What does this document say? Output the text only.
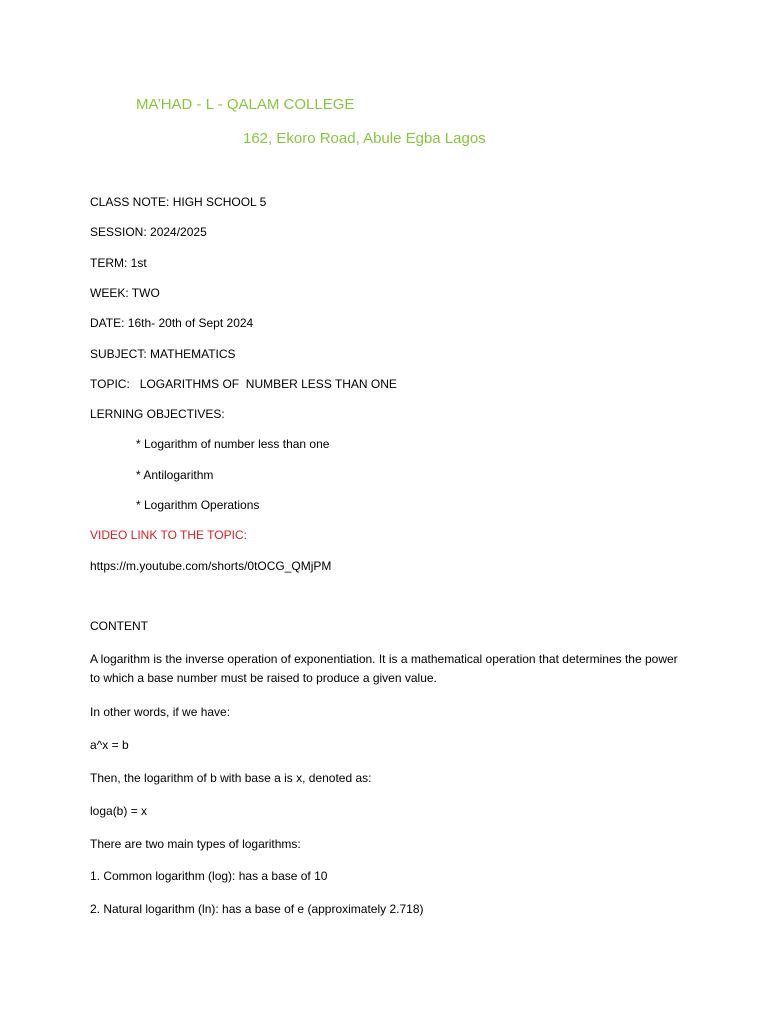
MA’HAD - L - QALAM COLLEGE
162, Ekoro Road, Abule Egba Lagos
CLASS NOTE: HIGH SCHOOL 5
SESSION: 2024/2025
TERM: 1st
WEEK: TWO
DATE: 16th- 20th of Sept 2024
SUBJECT: MATHEMATICS
TOPIC:   LOGARITHMS OF  NUMBER LESS THAN ONE
LERNING OBJECTIVES:
* Logarithm of number less than one
* Antilogarithm
* Logarithm Operations
VIDEO LINK TO THE TOPIC:
https://m.youtube.com/shorts/0tOCG_QMjPM
CONTENT
A logarithm is the inverse operation of exponentiation. It is a mathematical operation that determines the power to which a base number must be raised to produce a given value.
In other words, if we have:
a^x = b
Then, the logarithm of b with base a is x, denoted as:
loga(b) = x
There are two main types of logarithms:
1. Common logarithm (log): has a base of 10
2. Natural logarithm (ln): has a base of e (approximately 2.718)
